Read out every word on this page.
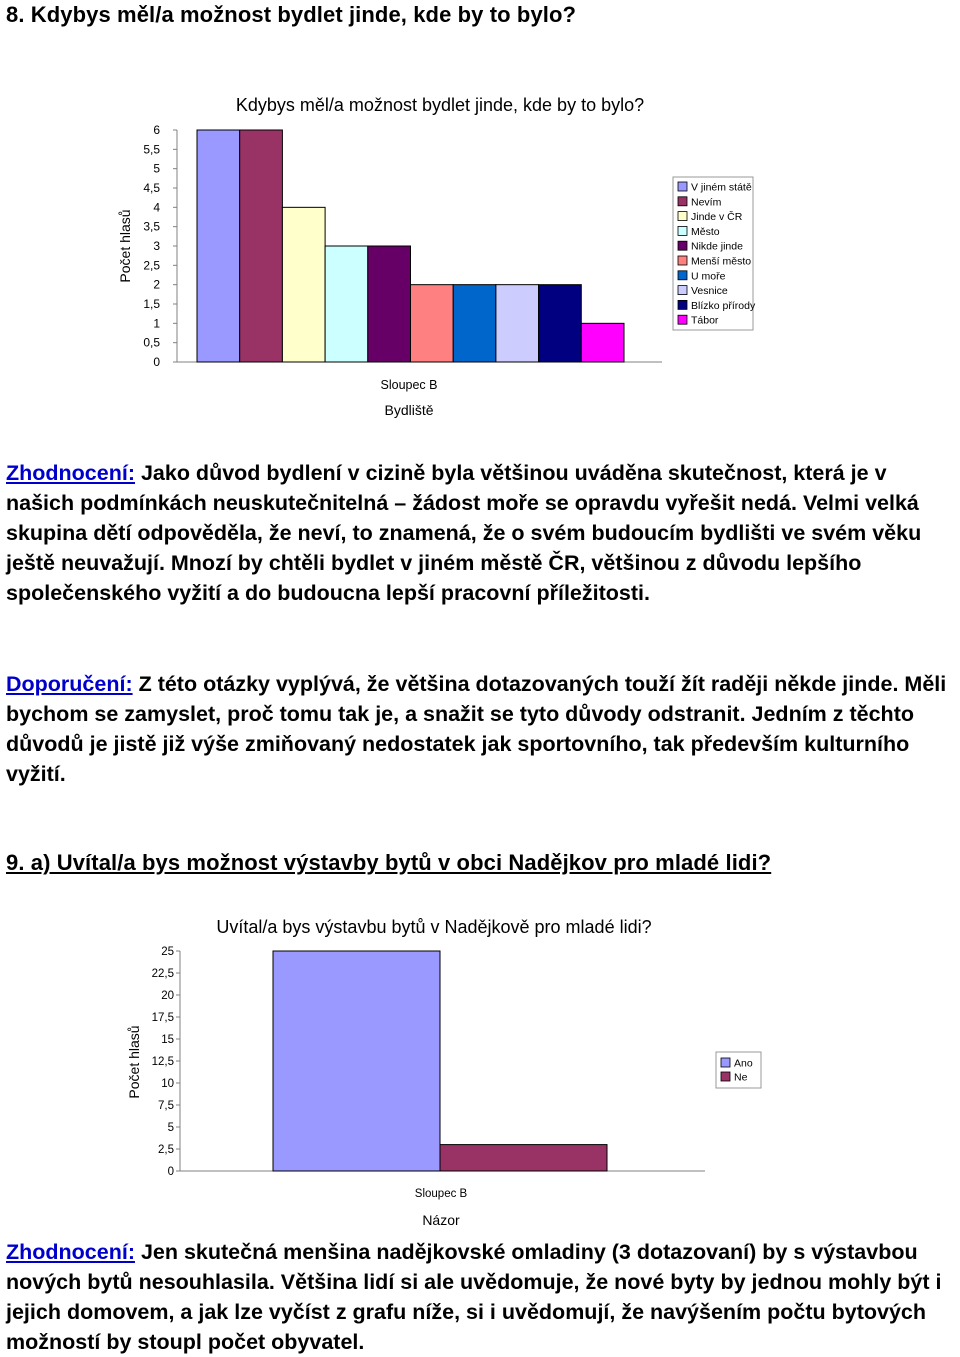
8. Kdybys měl/a možnost bydlet jinde, kde by to bylo?
0
0,5
1
1,5
2
2,5
3
3,5
4
4,5
5
5,5
6
Sloupec B
Kdybys měl/a možnost bydlet jinde, kde by to bylo?
Bydliště
Počet hlasů
V jiném státě
Nevím
Jinde v ČR
Město
Nikde jinde
Menší město
U moře
Vesnice
Blízko přírody
Tábor
Zhodnocení: Jako důvod bydlení v cizině byla většinou uváděna skutečnost, která je v našich podmínkách neuskutečnitelná – žádost moře se opravdu vyřešit nedá. Velmi velká skupina dětí odpověděla, že neví, to znamená, že o svém budoucím bydlišti ve svém věku ještě neuvažují. Mnozí by chtěli bydlet v jiném městě ČR, většinou z důvodu lepšího společenského vyžití a do budoucna lepší pracovní příležitosti.
Doporučení: Z této otázky vyplývá, že většina dotazovaných touží žít raději někde jinde. Měli bychom se zamyslet, proč tomu tak je, a snažit se tyto důvody odstranit. Jedním z těchto důvodů je jistě již výše zmiňovaný nedostatek jak sportovního, tak především kulturního vyžití.
9. a) Uvítal/a bys možnost výstavby bytů v obci Nadějkov pro mladé lidi?
0
2,5
5
7,5
10
12,5
15
17,5
20
22,5
25
Sloupec B
Uvítal/a bys výstavbu bytů v Nadějkově pro mladé lidi?
Názor
Počet hlasů	Ano
Ne
Zhodnocení: Jen skutečná menšina nadějkovské omladiny (3 dotazovaní) by s výstavbou nových bytů nesouhlasila. Většina lidí si ale uvědomuje, že nové byty by jednou mohly být i jejich domovem, a jak lze vyčíst z grafu níže, si i uvědomují, že navýšením počtu bytových možností by stoupl počet obyvatel.
